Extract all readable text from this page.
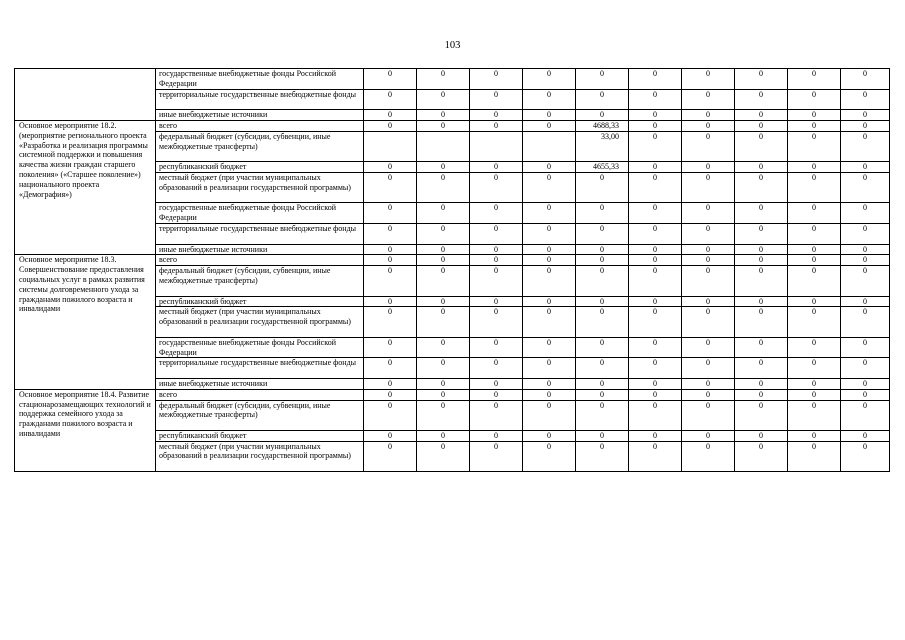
103
	государственные внебюджетные фонды Российской Федерации	0	0	0	0	0	0	0	0	0	0
	территориальные государственные внебюджетные фонды	0	0	0	0	0	0	0	0	0	0
	иные внебюджетные источники	0	0	0	0	0	0	0	0	0	0
Основное мероприятие 18.2. (мероприятие регионального проекта «Разработка и реализация программы системной поддержки и повышения качества жизни граждан старшего поколения» («Старшее поколение») национального проекта «Демография»)	всего	0	0	0	0	4688,33	0	0	0	0	0
	федеральный бюджет (субсидии, субвенции, иные межбюджетные трансферты)					33,00	0	0	0	0	0
	республиканский бюджет	0	0	0	0	4655,33	0	0	0	0	0
	местный бюджет (при участии муниципальных образований в реализации государственной программы)	0	0	0	0	0	0	0	0	0	0
	государственные внебюджетные фонды Российской Федерации	0	0	0	0	0	0	0	0	0	0
	территориальные государственные внебюджетные фонды	0	0	0	0	0	0	0	0	0	0
	иные внебюджетные источники	0	0	0	0	0	0	0	0	0	0
Основное мероприятие 18.3. Совершенствование предоставления социальных услуг в рамках развития системы долговременного ухода за гражданами пожилого возраста и инвалидами	всего	0	0	0	0	0	0	0	0	0	0
	федеральный бюджет (субсидии, субвенции, иные межбюджетные трансферты)	0	0	0	0	0	0	0	0	0	0
	республиканский бюджет	0	0	0	0	0	0	0	0	0	0
	местный бюджет (при участии муниципальных образований в реализации государственной программы)	0	0	0	0	0	0	0	0	0	0
	государственные внебюджетные фонды Российской Федерации	0	0	0	0	0	0	0	0	0	0
	территориальные государственные внебюджетные фонды	0	0	0	0	0	0	0	0	0	0
	иные внебюджетные источники	0	0	0	0	0	0	0	0	0	0
Основное мероприятие 18.4. Развитие стационарозамещающих технологий и поддержка семейного ухода за гражданами пожилого возраста и инвалидами	всего	0	0	0	0	0	0	0	0	0	0
	федеральный бюджет (субсидии, субвенции, иные межбюджетные трансферты)	0	0	0	0	0	0	0	0	0	0
	республиканский бюджет	0	0	0	0	0	0	0	0	0	0
	местный бюджет (при участии муниципальных образований в реализации государственной программы)	0	0	0	0	0	0	0	0	0	0
